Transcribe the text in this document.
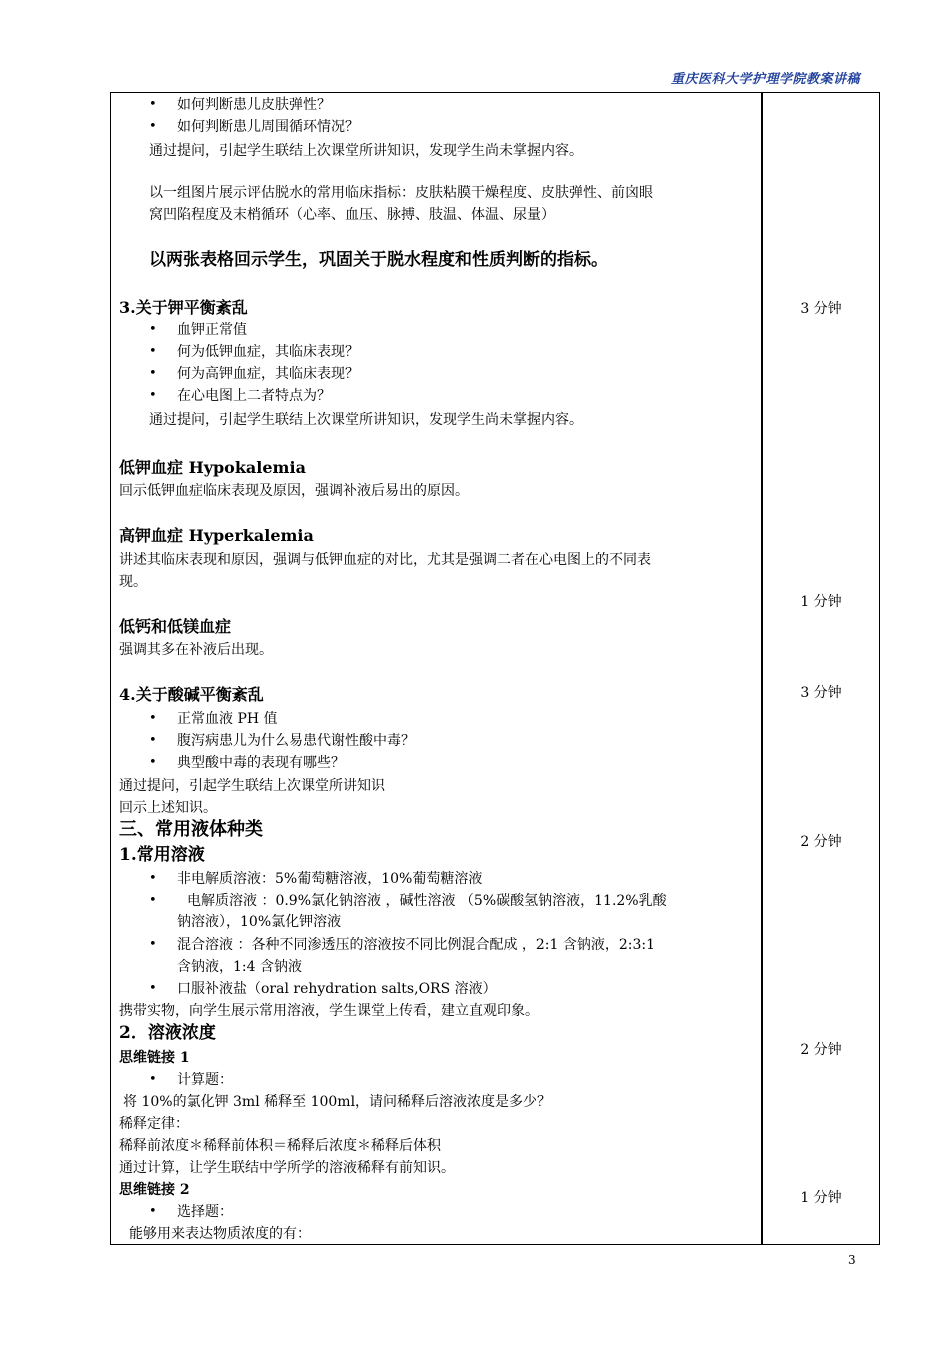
重庆医科大学护理学院教案讲稿
• 如何判断患儿皮肤弹性？
• 如何判断患儿周围循环情况？
通过提问，引起学生联结上次课堂所讲知识，发现学生尚未掌握内容。
以一组图片展示评估脱水的常用临床指标：皮肤粘膜干燥程度、皮肤弹性、前囟眼
窝凹陷程度及末梢循环（心率、血压、脉搏、肢温、体温、尿量）
以两张表格回示学生，巩固关于脱水程度和性质判断的指标。
3.关于钾平衡紊乱
• 血钾正常值
• 何为低钾血症，其临床表现？
• 何为高钾血症，其临床表现？
• 在心电图上二者特点为？
通过提问，引起学生联结上次课堂所讲知识，发现学生尚未掌握内容。
低钾血症 Hypokalemia
回示低钾血症临床表现及原因，强调补液后易出的原因。
高钾血症 Hyperkalemia
讲述其临床表现和原因，强调与低钾血症的对比，尤其是强调二者在心电图上的不同表
现。
低钙和低镁血症
强调其多在补液后出现。
4.关于酸碱平衡紊乱
• 正常血液 PH 值
• 腹泻病患儿为什么易患代谢性酸中毒？
• 典型酸中毒的表现有哪些？
通过提问，引起学生联结上次课堂所讲知识
回示上述知识。
三、常用液体种类
1.常用溶液
• 非电解质溶液：5%葡萄糖溶液，10%葡萄糖溶液
• 电解质溶液 ：0.9%氯化钠溶液 ，碱性溶液 （5%碳酸氢钠溶液，11.2%乳酸
钠溶液），10%氯化钾溶液
• 混合溶液 ：各种不同渗透压的溶液按不同比例混合配成 ，2:1 含钠液，2:3:1
含钠液，1:4 含钠液
• 口服补液盐（oral rehydration salts,ORS 溶液）
携带实物，向学生展示常用溶液，学生课堂上传看，建立直观印象。
2．溶液浓度
思维链接 1
• 计算题：
将 10%的氯化钾 3ml 稀释至 100ml，请问稀释后溶液浓度是多少？
稀释定律：
稀释前浓度＊稀释前体积＝稀释后浓度＊稀释后体积
通过计算，让学生联结中学所学的溶液稀释有前知识。
思维链接 2
• 选择题：
能够用来表达物质浓度的有：
3 分钟
1 分钟
3 分钟
2 分钟
2 分钟
1 分钟
3
